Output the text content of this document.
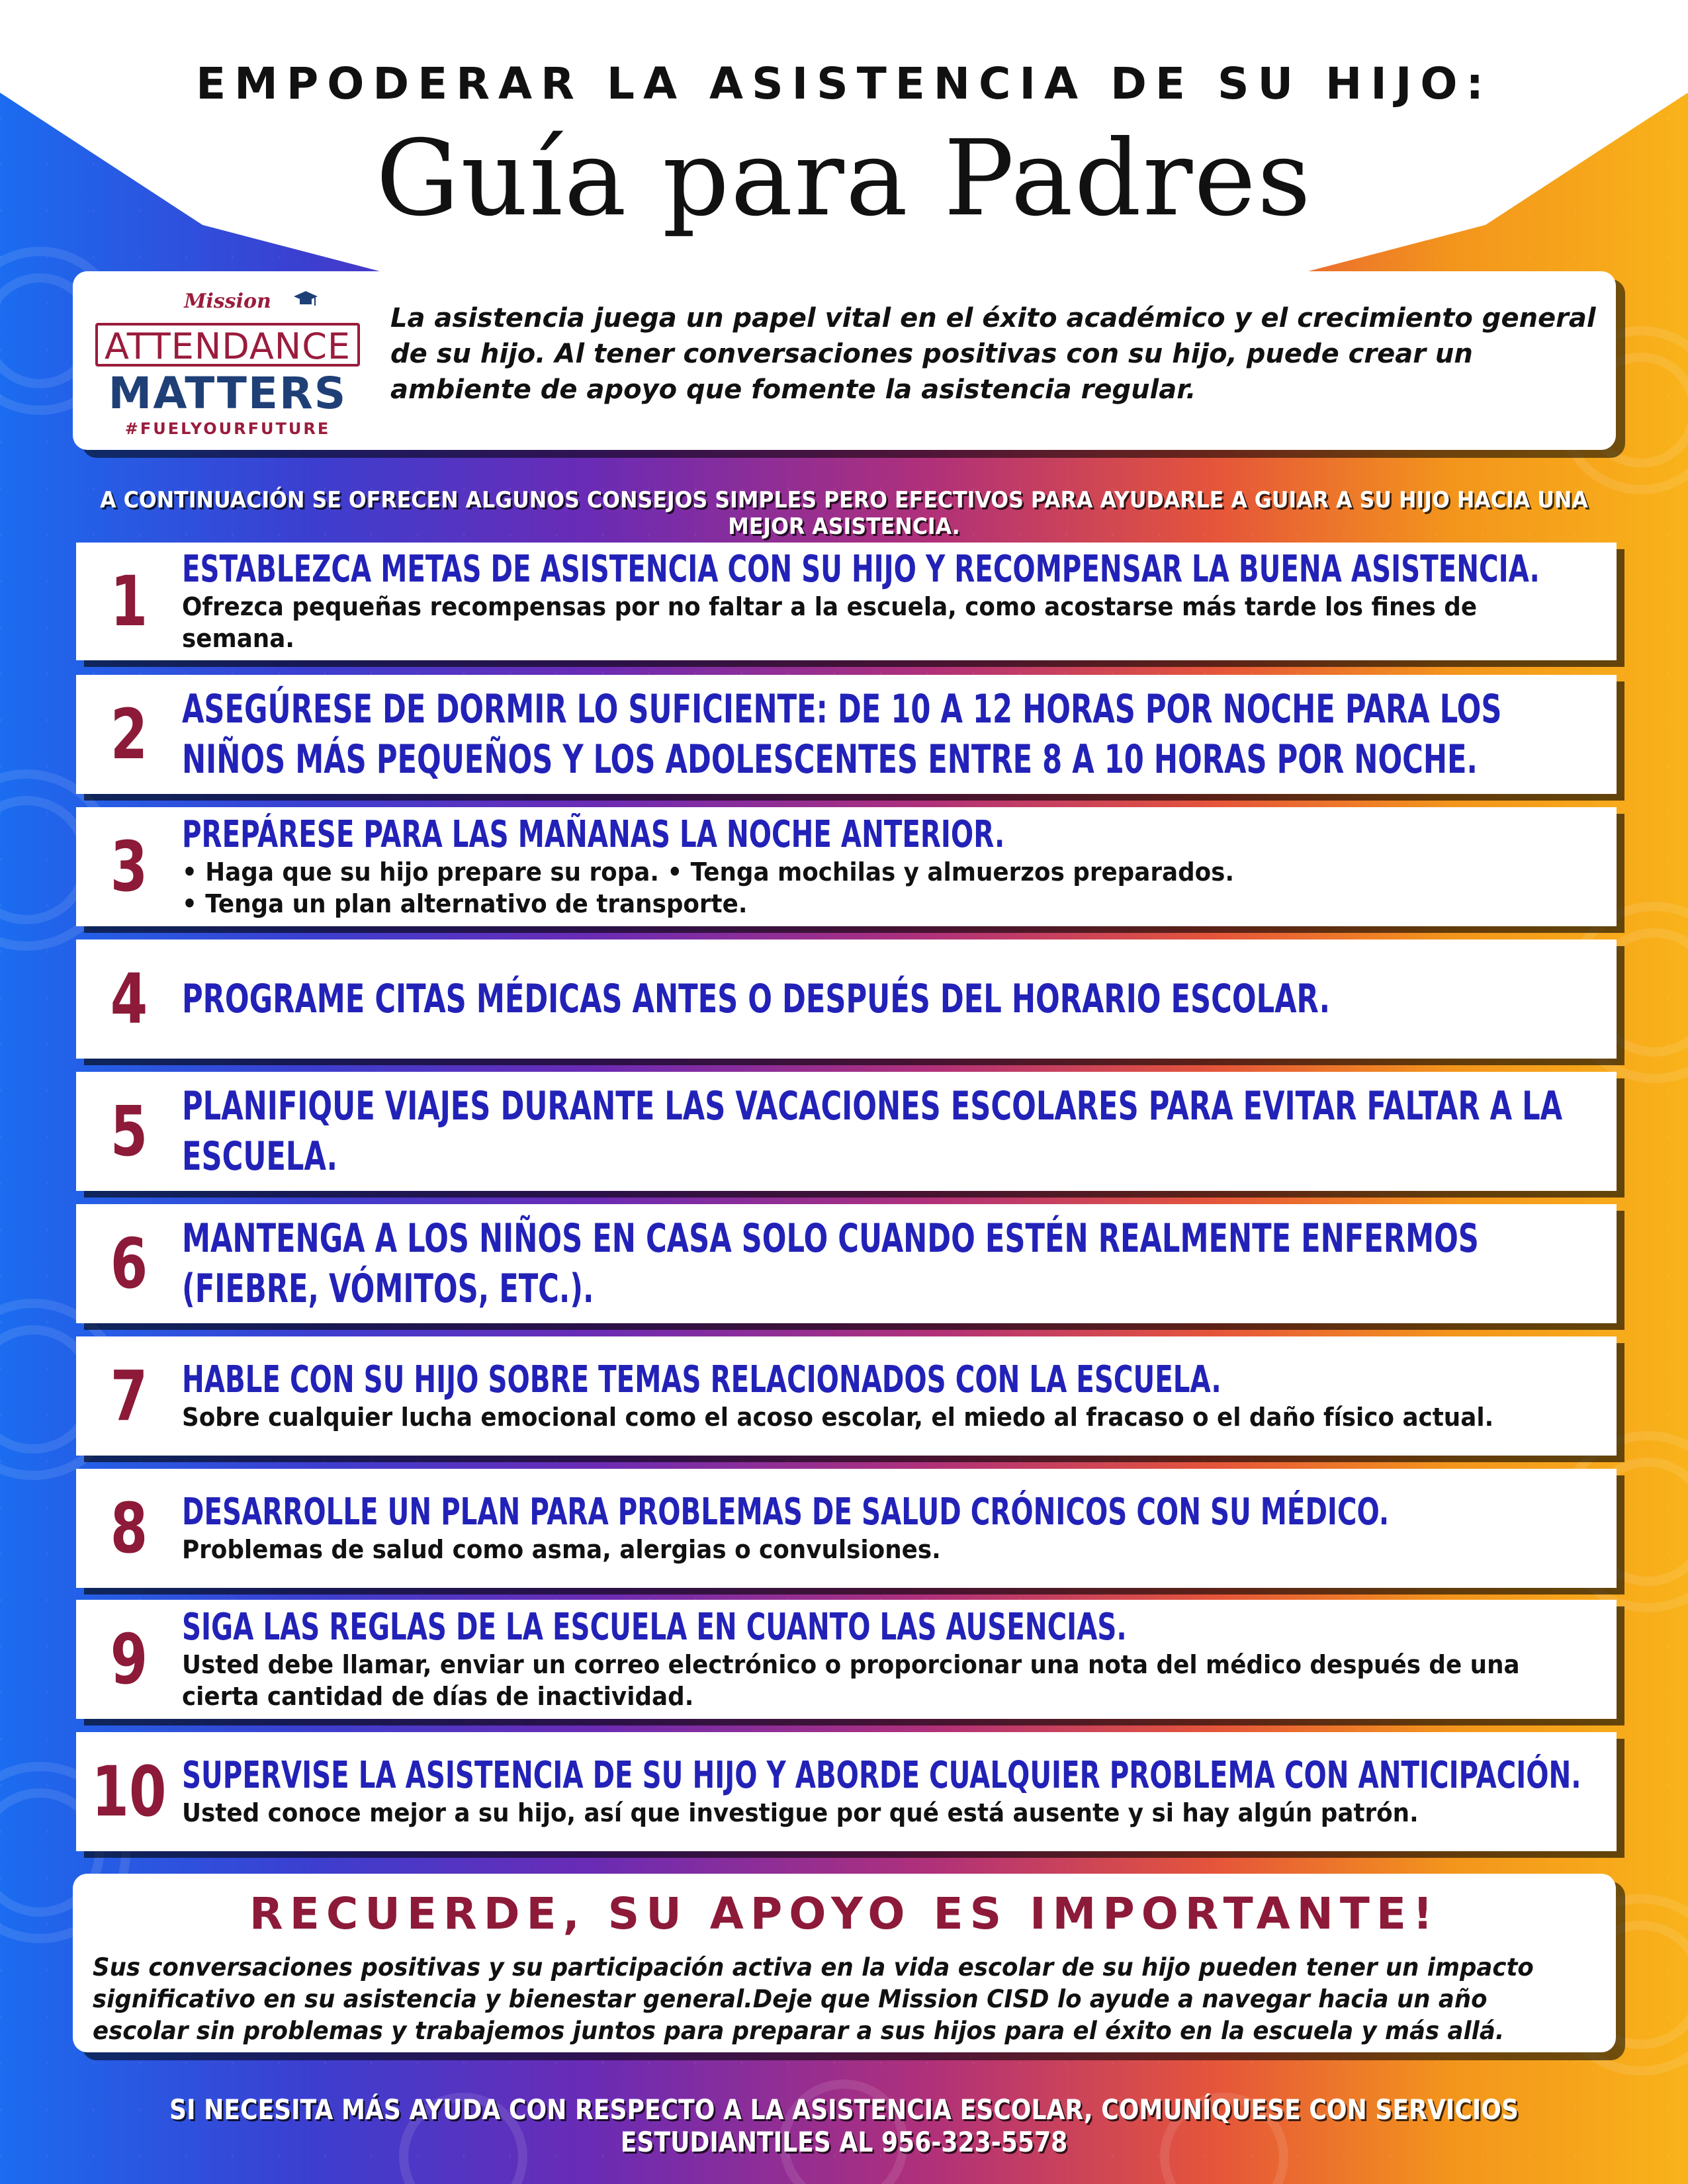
EMPODERAR LA ASISTENCIA DE SU HIJO:
Guía para Padres
Mission
ATTENDANCE
MATTERS
#FUELYOURFUTURE
La asistencia juega un papel vital en el éxito académico y el crecimiento general de su hijo. Al tener conversaciones positivas con su hijo, puede crear un ambiente de apoyo que fomente la asistencia regular.
A CONTINUACIÓN SE OFRECEN ALGUNOS CONSEJOS SIMPLES PERO EFECTIVOS PARA AYUDARLE A GUIAR A SU HIJO HACIA UNA MEJOR ASISTENCIA.
1 ESTABLEZCA METAS DE ASISTENCIA CON SU HIJO Y RECOMPENSAR LA BUENA ASISTENCIA.
Ofrezca pequeñas recompensas por no faltar a la escuela, como acostarse más tarde los fines de semana.
2 ASEGÚRESE DE DORMIR LO SUFICIENTE: DE 10 A 12 HORAS POR NOCHE PARA LOS NIÑOS MÁS PEQUEÑOS Y LOS ADOLESCENTES ENTRE 8 A 10 HORAS POR NOCHE.
3 PREPÁRESE PARA LAS MAÑANAS LA NOCHE ANTERIOR.
• Haga que su hijo prepare su ropa. • Tenga mochilas y almuerzos preparados.
• Tenga un plan alternativo de transporte.
4 PROGRAME CITAS MÉDICAS ANTES O DESPUÉS DEL HORARIO ESCOLAR.
5 PLANIFIQUE VIAJES DURANTE LAS VACACIONES ESCOLARES PARA EVITAR FALTAR A LA ESCUELA.
6 MANTENGA A LOS NIÑOS EN CASA SOLO CUANDO ESTÉN REALMENTE ENFERMOS (FIEBRE, VÓMITOS, ETC.).
7 HABLE CON SU HIJO SOBRE TEMAS RELACIONADOS CON LA ESCUELA.
Sobre cualquier lucha emocional como el acoso escolar, el miedo al fracaso o el daño físico actual.
8 DESARROLLE UN PLAN PARA PROBLEMAS DE SALUD CRÓNICOS CON SU MÉDICO.
Problemas de salud como asma, alergias o convulsiones.
9 SIGA LAS REGLAS DE LA ESCUELA EN CUANTO LAS AUSENCIAS.
Usted debe llamar, enviar un correo electrónico o proporcionar una nota del médico después de una cierta cantidad de días de inactividad.
10 SUPERVISE LA ASISTENCIA DE SU HIJO Y ABORDE CUALQUIER PROBLEMA CON ANTICIPACIÓN.
Usted conoce mejor a su hijo, así que investigue por qué está ausente y si hay algún patrón.
RECUERDE, SU APOYO ES IMPORTANTE!
Sus conversaciones positivas y su participación activa en la vida escolar de su hijo pueden tener un impacto significativo en su asistencia y bienestar general.Deje que Mission CISD lo ayude a navegar hacia un año escolar sin problemas y trabajemos juntos para preparar a sus hijos para el éxito en la escuela y más allá.
SI NECESITA MÁS AYUDA CON RESPECTO A LA ASISTENCIA ESCOLAR, COMUNÍQUESE CON SERVICIOS ESTUDIANTILES AL 956-323-5578
